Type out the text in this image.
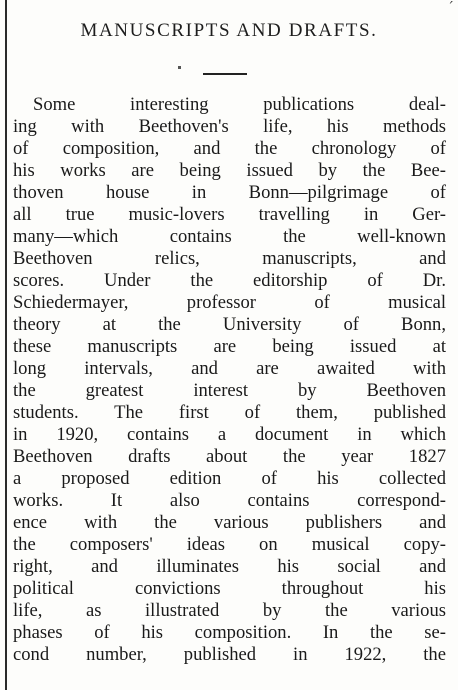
ˊ
MANUSCRIPTS AND DRAFTS.
Some interesting publications deal-
ing with Beethoven's life, his methods
of composition, and the chronology of
his works are being issued by the Bee-
thoven house in Bonn—pilgrimage of
all true music-lovers travelling in Ger-
many—which contains the well-known
Beethoven relics, manuscripts, and
scores. Under the editorship of Dr.
Schiedermayer, professor of musical
theory at the University of Bonn,
these manuscripts are being issued at
long intervals, and are awaited with
the greatest interest by Beethoven
students. The first of them, published
in 1920, contains a document in which
Beethoven drafts about the year 1827
a proposed edition of his collected
works. It also contains correspond-
ence with the various publishers and
the composers' ideas on musical copy-
right, and illuminates his social and
political convictions throughout his
life, as illustrated by the various
phases of his composition. In the se-
cond number, published in 1922, the
